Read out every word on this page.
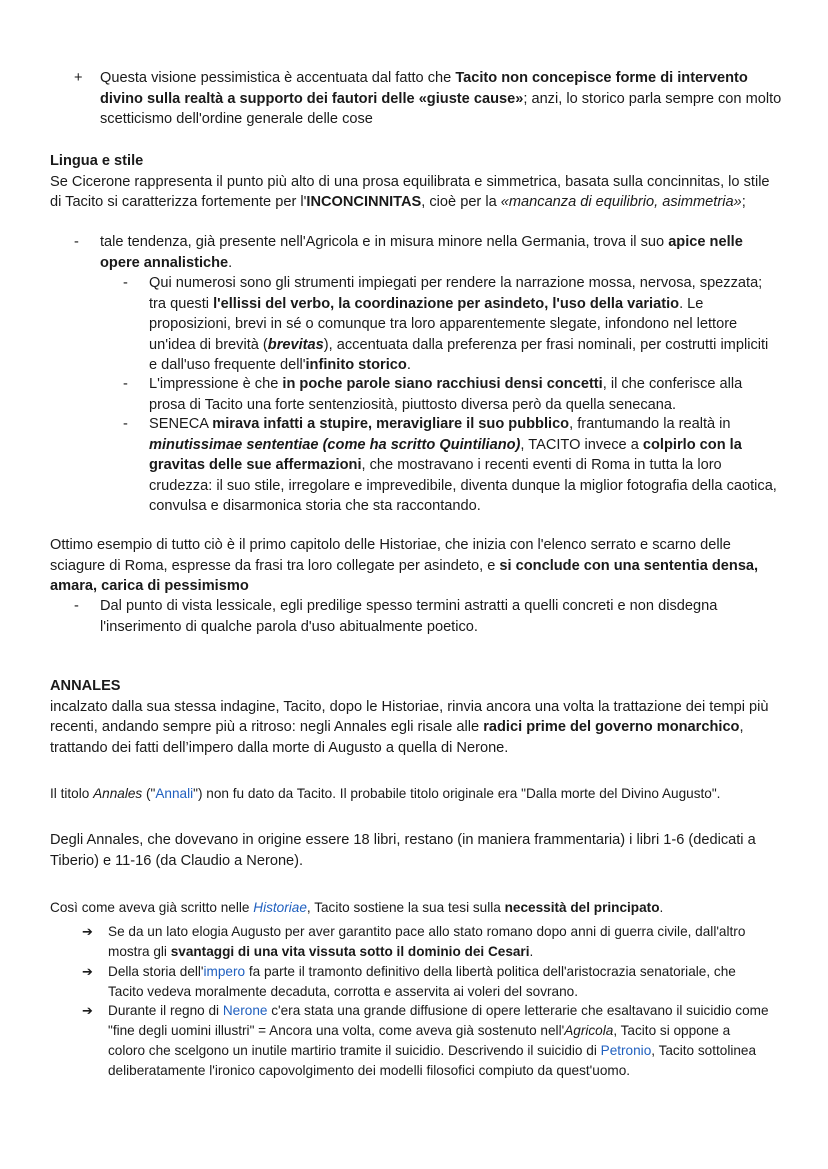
+	Questa visione pessimistica è accentuata dal fatto che Tacito non concepisce forme di intervento divino sulla realtà a supporto dei fautori delle «giuste cause»; anzi, lo storico parla sempre con molto scetticismo dell'ordine generale delle cose
Lingua e stile
Se Cicerone rappresenta il punto più alto di una prosa equilibrata e simmetrica, basata sulla concinnitas, lo stile di Tacito si caratterizza fortemente per l'INCONCINNITAS, cioè per la «mancanza di equilibrio, asimmetria»;
-	tale tendenza, già presente nell'Agricola e in misura minore nella Germania, trova il suo apice nelle opere annalistiche.
-	Qui numerosi sono gli strumenti impiegati per rendere la narrazione mossa, nervosa, spezzata; tra questi l'ellissi del verbo, la coordinazione per asindeto, l'uso della variatio. Le proposizioni, brevi in sé o comunque tra loro apparentemente slegate, infondono nel lettore un'idea di brevità (brevitas), accentuata dalla preferenza per frasi nominali, per costrutti impliciti e dall'uso frequente dell'infinito storico.
-	L'impressione è che in poche parole siano racchiusi densi concetti, il che conferisce alla prosa di Tacito una forte sentenziosità, piuttosto diversa però da quella senecana.
-	SENECA mirava infatti a stupire, meravigliare il suo pubblico, frantumando la realtà in minutissimae sententiae (come ha scritto Quintiliano), TACITO invece a colpirlo con la gravitas delle sue affermazioni, che mostravano i recenti eventi di Roma in tutta la loro crudezza: il suo stile, irregolare e imprevedibile, diventa dunque la miglior fotografia della caotica, convulsa e disarmonica storia che sta raccontando.
Ottimo esempio di tutto ciò è il primo capitolo delle Historiae, che inizia con l'elenco serrato e scarno delle sciagure di Roma, espresse da frasi tra loro collegate per asindeto, e si conclude con una sententia densa, amara, carica di pessimismo
-	Dal punto di vista lessicale, egli predilige spesso termini astratti a quelli concreti e non disdegna l'inserimento di qualche parola d'uso abitualmente poetico.
ANNALES
incalzato dalla sua stessa indagine, Tacito, dopo le Historiae, rinvia ancora una volta la trattazione dei tempi più recenti, andando sempre più a ritroso: negli Annales egli risale alle radici prime del governo monarchico, trattando dei fatti dell’impero dalla morte di Augusto a quella di Nerone.
Il titolo Annales ("Annali") non fu dato da Tacito. Il probabile titolo originale era "Dalla morte del Divino Augusto".
Degli Annales, che dovevano in origine essere 18 libri, restano (in maniera frammentaria) i libri 1-6 (dedicati a Tiberio) e 11-16 (da Claudio a Nerone).
Così come aveva già scritto nelle Historiae, Tacito sostiene la sua tesi sulla necessità del principato.
➔ Se da un lato elogia Augusto per aver garantito pace allo stato romano dopo anni di guerra civile, dall'altro mostra gli svantaggi di una vita vissuta sotto il dominio dei Cesari.
➔ Della storia dell'impero fa parte il tramonto definitivo della libertà politica dell'aristocrazia senatoriale, che Tacito vedeva moralmente decaduta, corrotta e asservita ai voleri del sovrano.
➔ Durante il regno di Nerone c'era stata una grande diffusione di opere letterarie che esaltavano il suicidio come "fine degli uomini illustri" = Ancora una volta, come aveva già sostenuto nell'Agricola, Tacito si oppone a coloro che scelgono un inutile martirio tramite il suicidio. Descrivendo il suicidio di Petronio, Tacito sottolinea deliberatamente l'ironico capovolgimento dei modelli filosofici compiuto da quest'uomo.
